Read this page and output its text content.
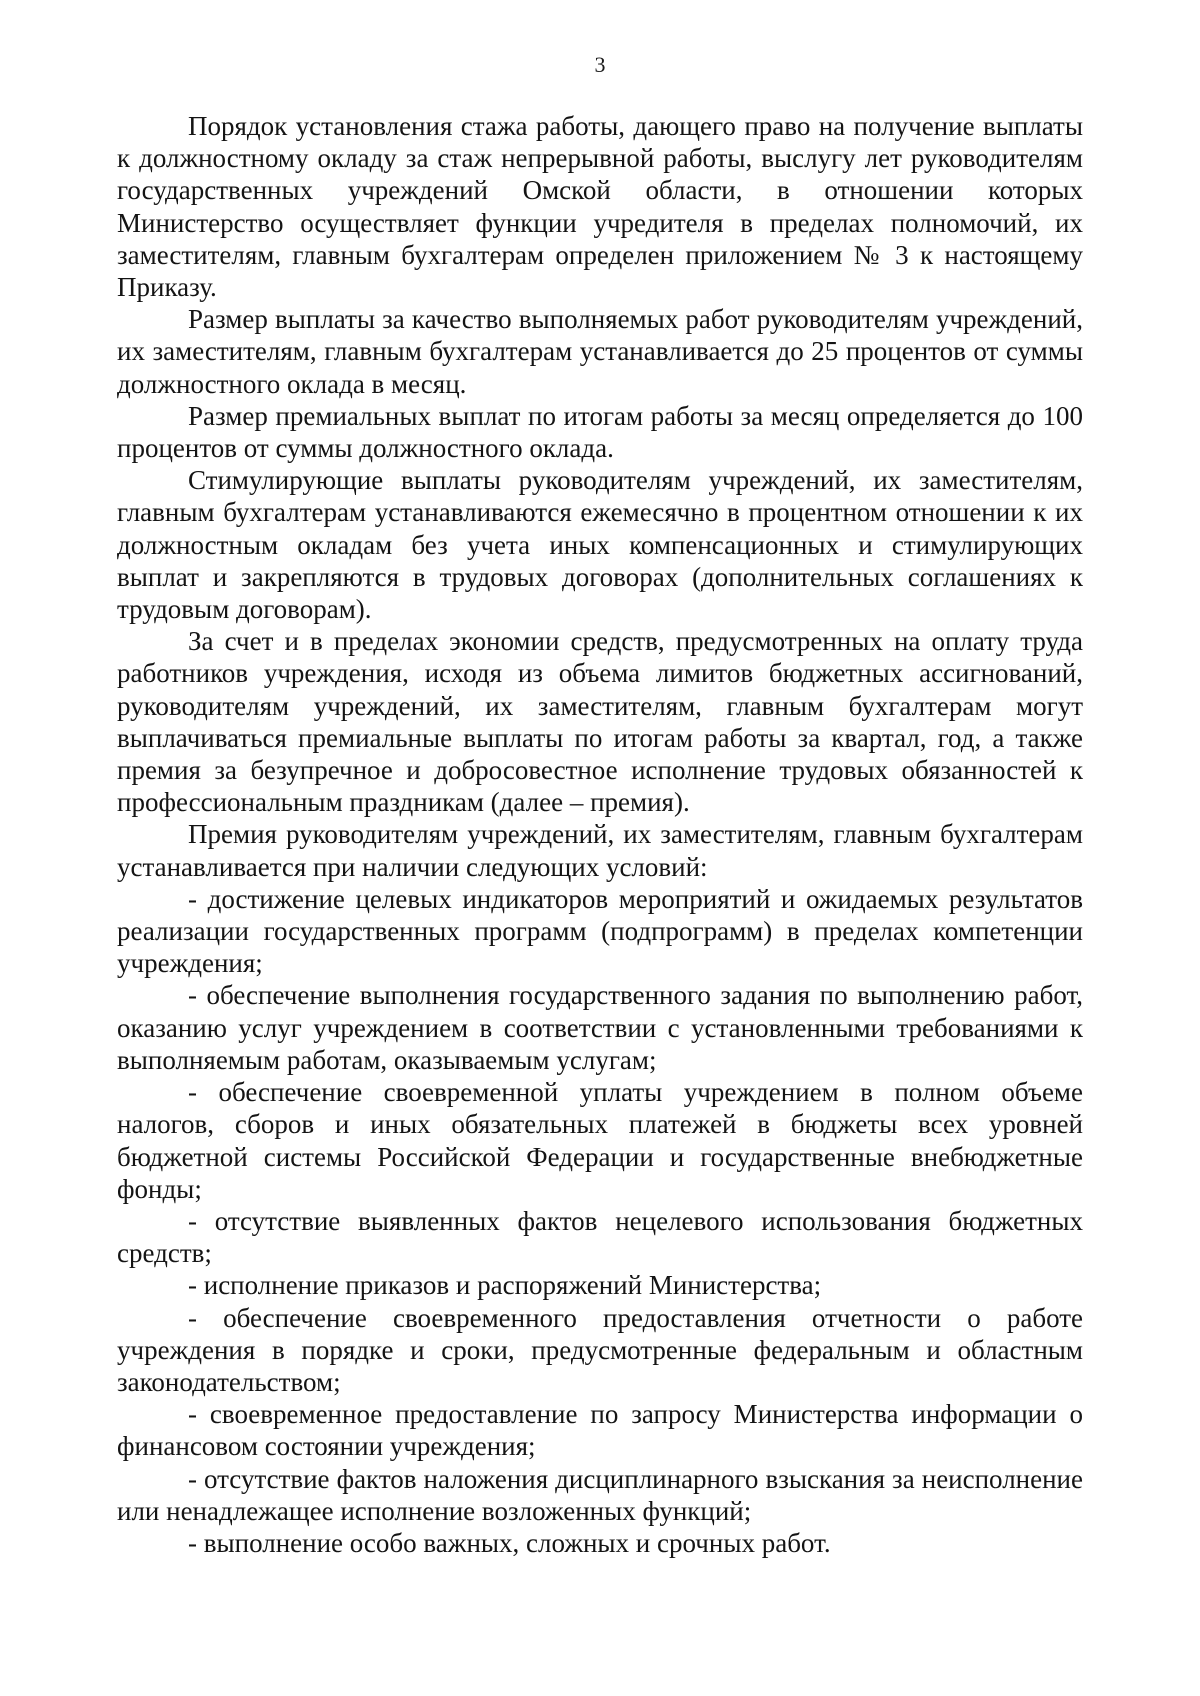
3

Порядок установления стажа работы, дающего право на получение выплаты к должностному окладу за стаж непрерывной работы, выслугу лет руководителям государственных учреждений Омской области, в отношении которых Министерство осуществляет функции учредителя в пределах полномочий, их заместителям, главным бухгалтерам определен приложением № 3 к настоящему Приказу.

Размер выплаты за качество выполняемых работ руководителям учреждений, их заместителям, главным бухгалтерам устанавливается до 25 процентов от суммы должностного оклада в месяц.

Размер премиальных выплат по итогам работы за месяц определяется до 100 процентов от суммы должностного оклада.

Стимулирующие выплаты руководителям учреждений, их заместителям, главным бухгалтерам устанавливаются ежемесячно в процентном отношении к их должностным окладам без учета иных компенсационных и стимулирующих выплат и закрепляются в трудовых договорах (дополнительных соглашениях к трудовым договорам).

За счет и в пределах экономии средств, предусмотренных на оплату труда работников учреждения, исходя из объема лимитов бюджетных ассигнований, руководителям учреждений, их заместителям, главным бухгалтерам могут выплачиваться премиальные выплаты по итогам работы за квартал, год, а также премия за безупречное и добросовестное исполнение трудовых обязанностей к профессиональным праздникам (далее – премия).

Премия руководителям учреждений, их заместителям, главным бухгалтерам устанавливается при наличии следующих условий:

- достижение целевых индикаторов мероприятий и ожидаемых результатов реализации государственных программ (подпрограмм) в пределах компетенции учреждения;

- обеспечение выполнения государственного задания по выполнению работ, оказанию услуг учреждением в соответствии с установленными требованиями к выполняемым работам, оказываемым услугам;

- обеспечение своевременной уплаты учреждением в полном объеме налогов, сборов и иных обязательных платежей в бюджеты всех уровней бюджетной системы Российской Федерации и государственные внебюджетные фонды;

- отсутствие выявленных фактов нецелевого использования бюджетных средств;

- исполнение приказов и распоряжений Министерства;

- обеспечение своевременного предоставления отчетности о работе учреждения в порядке и сроки, предусмотренные федеральным и областным законодательством;

- своевременное предоставление по запросу Министерства информации о финансовом состоянии учреждения;

- отсутствие фактов наложения дисциплинарного взыскания за неисполнение или ненадлежащее исполнение возложенных функций;

- выполнение особо важных, сложных и срочных работ.
